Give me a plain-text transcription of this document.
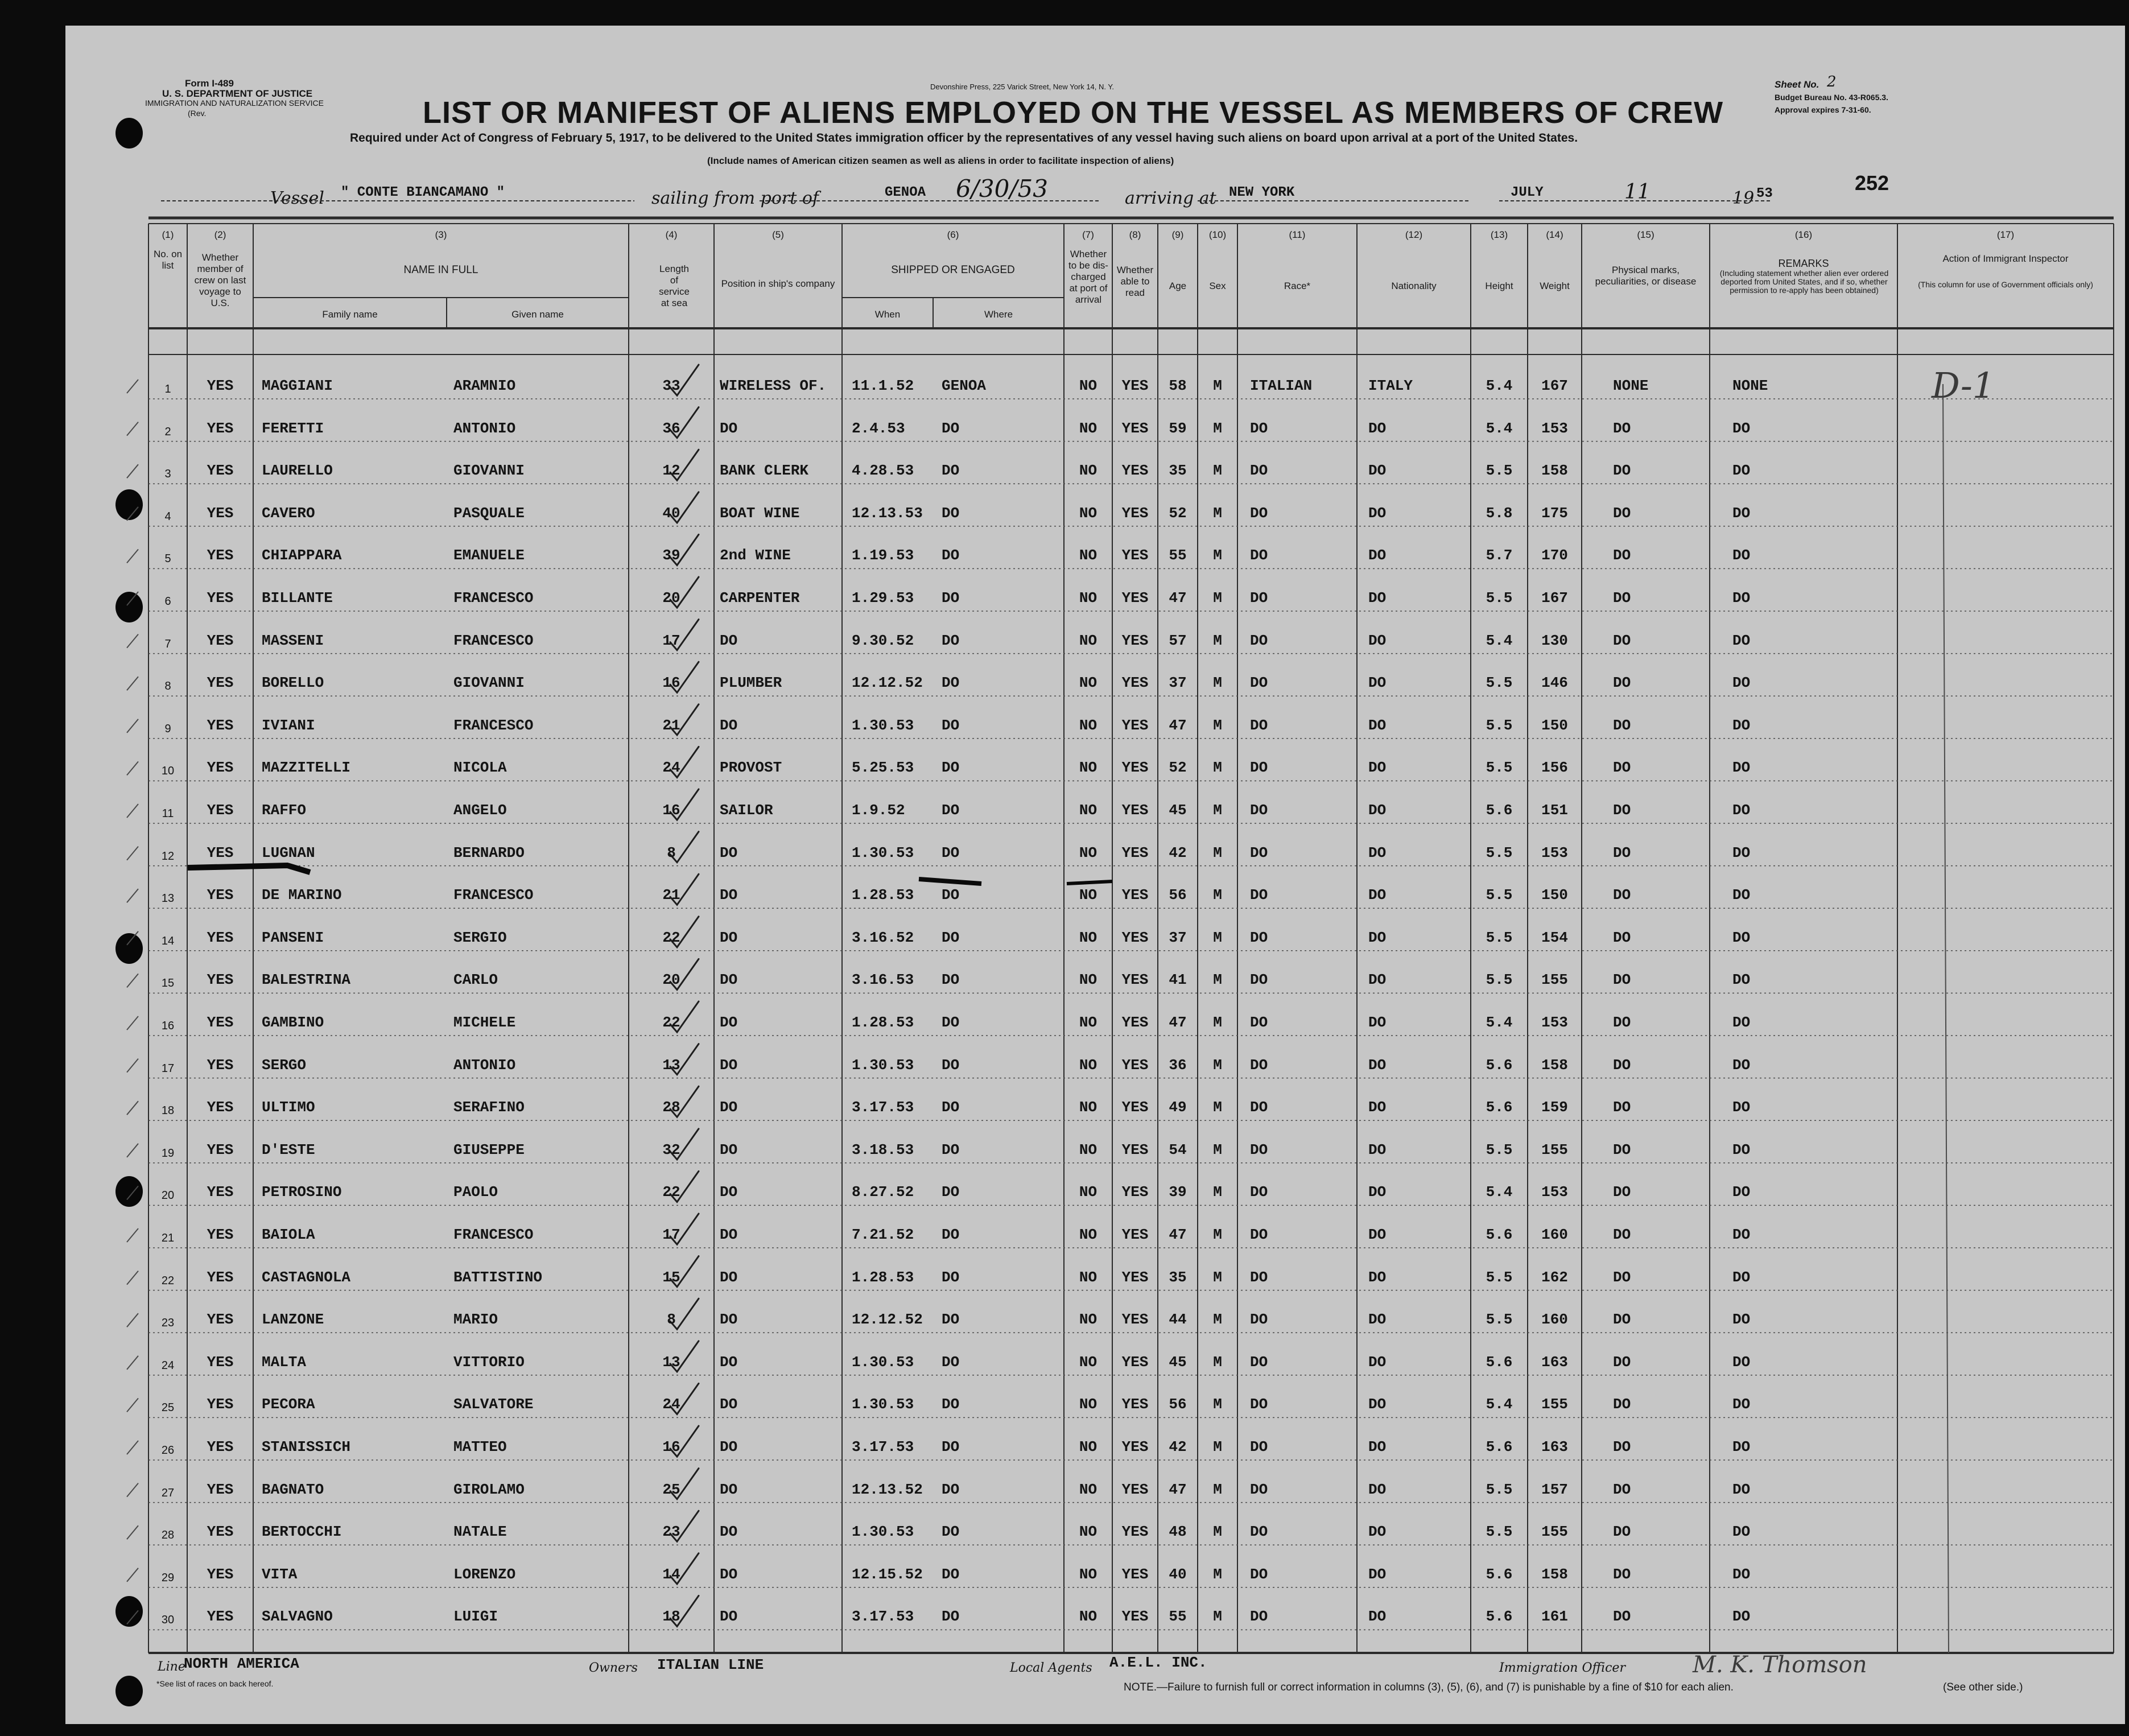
Form I-489
U. S. DEPARTMENT OF JUSTICE
IMMIGRATION AND NATURALIZATION SERVICE
(Rev.
Devonshire Press, 225 Varick Street, New York 14, N. Y.
LIST OR MANIFEST OF ALIENS EMPLOYED ON THE VESSEL AS MEMBERS OF CREW
Sheet No. 2
Budget Bureau No. 43-R065.3.
Approval expires 7-31-60.
Required under Act of Congress of February 5, 1917, to be delivered to the United States immigration officer by the representatives of any vessel having such aliens on board upon arrival at a port of the United States.
(Include names of American citizen seamen as well as aliens in order to facilitate inspection of aliens)
Vessel " CONTE BIANCAMANO "	sailing from port of	GENOA 6/30/53	arriving at NEW YORK	JULY	11	19 53	252
(1)	(2)	(3)	(4)	(5)	(6)	(7)	(8)	(9)	(10)	(11)	(12)	(13)	(14)	(15)	(16)	(17)
No. on list
Whether member of crew on last voyage to U.S.
NAME IN FULL
Family name	Given name
Length of service at sea
Position in ship's company
SHIPPED OR ENGAGED
When	Where
Whether to be dis-charged at port of arrival
Whether able to read
Age	Sex	Race*	Nationality	Height	Weight
Physical marks, peculiarities, or disease
REMARKS
(Including statement whether alien ever ordered deported from United States, and if so, whether permission to re-apply has been obtained)
Action of Immigrant Inspector
(This column for use of Government officials only)
D-1
1	YES	MAGGIANI	ARAMNIO	33	WIRELESS OF.	11.1.52	GENOA	NO	YES	58	M	ITALIAN	ITALY	5.4	167	NONE	NONE
2	YES	FERETTI	ANTONIO	36	DO	2.4.53	DO	NO	YES	59	M	DO	DO	5.4	153	DO	DO
3	YES	LAURELLO	GIOVANNI	12	BANK CLERK	4.28.53	DO	NO	YES	35	M	DO	DO	5.5	158	DO	DO
4	YES	CAVERO	PASQUALE	40	BOAT WINE	12.13.53	DO	NO	YES	52	M	DO	DO	5.8	175	DO	DO
5	YES	CHIAPPARA	EMANUELE	39	2nd WINE	1.19.53	DO	NO	YES	55	M	DO	DO	5.7	170	DO	DO
6	YES	BILLANTE	FRANCESCO	20	CARPENTER	1.29.53	DO	NO	YES	47	M	DO	DO	5.5	167	DO	DO
7	YES	MASSENI	FRANCESCO	17	DO	9.30.52	DO	NO	YES	57	M	DO	DO	5.4	130	DO	DO
8	YES	BORELLO	GIOVANNI	16	PLUMBER	12.12.52	DO	NO	YES	37	M	DO	DO	5.5	146	DO	DO
9	YES	IVIANI	FRANCESCO	21	DO	1.30.53	DO	NO	YES	47	M	DO	DO	5.5	150	DO	DO
10	YES	MAZZITELLI	NICOLA	24	PROVOST	5.25.53	DO	NO	YES	52	M	DO	DO	5.5	156	DO	DO
11	YES	RAFFO	ANGELO	16	SAILOR	1.9.52	DO	NO	YES	45	M	DO	DO	5.6	151	DO	DO
12	YES	LUGNAN	BERNARDO	8	DO	1.30.53	DO	NO	YES	42	M	DO	DO	5.5	153	DO	DO
13	YES	DE MARINO	FRANCESCO	21	DO	1.28.53	DO	NO	YES	56	M	DO	DO	5.5	150	DO	DO
14	YES	PANSENI	SERGIO	22	DO	3.16.52	DO	NO	YES	37	M	DO	DO	5.5	154	DO	DO
15	YES	BALESTRINA	CARLO	20	DO	3.16.53	DO	NO	YES	41	M	DO	DO	5.5	155	DO	DO
16	YES	GAMBINO	MICHELE	22	DO	1.28.53	DO	NO	YES	47	M	DO	DO	5.4	153	DO	DO
17	YES	SERGO	ANTONIO	13	DO	1.30.53	DO	NO	YES	36	M	DO	DO	5.6	158	DO	DO
18	YES	ULTIMO	SERAFINO	28	DO	3.17.53	DO	NO	YES	49	M	DO	DO	5.6	159	DO	DO
19	YES	D'ESTE	GIUSEPPE	32	DO	3.18.53	DO	NO	YES	54	M	DO	DO	5.5	155	DO	DO
20	YES	PETROSINO	PAOLO	22	DO	8.27.52	DO	NO	YES	39	M	DO	DO	5.4	153	DO	DO
21	YES	BAIOLA	FRANCESCO	17	DO	7.21.52	DO	NO	YES	47	M	DO	DO	5.6	160	DO	DO
22	YES	CASTAGNOLA	BATTISTINO	15	DO	1.28.53	DO	NO	YES	35	M	DO	DO	5.5	162	DO	DO
23	YES	LANZONE	MARIO	8	DO	12.12.52	DO	NO	YES	44	M	DO	DO	5.5	160	DO	DO
24	YES	MALTA	VITTORIO	13	DO	1.30.53	DO	NO	YES	45	M	DO	DO	5.6	163	DO	DO
25	YES	PECORA	SALVATORE	24	DO	1.30.53	DO	NO	YES	56	M	DO	DO	5.4	155	DO	DO
26	YES	STANISSICH	MATTEO	16	DO	3.17.53	DO	NO	YES	42	M	DO	DO	5.6	163	DO	DO
27	YES	BAGNATO	GIROLAMO	25	DO	12.13.52	DO	NO	YES	47	M	DO	DO	5.5	157	DO	DO
28	YES	BERTOCCHI	NATALE	23	DO	1.30.53	DO	NO	YES	48	M	DO	DO	5.5	155	DO	DO
29	YES	VITA	LORENZO	14	DO	12.15.52	DO	NO	YES	40	M	DO	DO	5.6	158	DO	DO
30	YES	SALVAGNO	LUIGI	18	DO	3.17.53	DO	NO	YES	55	M	DO	DO	5.6	161	DO	DO
Line
NORTH AMERICA	Owners ITALIAN LINE	Local Agents A.E.L. INC.	Immigration Officer	M. K. Thomson
*See list of races on back hereof.	NOTE.—Failure to furnish full or correct information in columns (3), (5), (6), and (7) is punishable by a fine of $10 for each alien.	(See other side.)
